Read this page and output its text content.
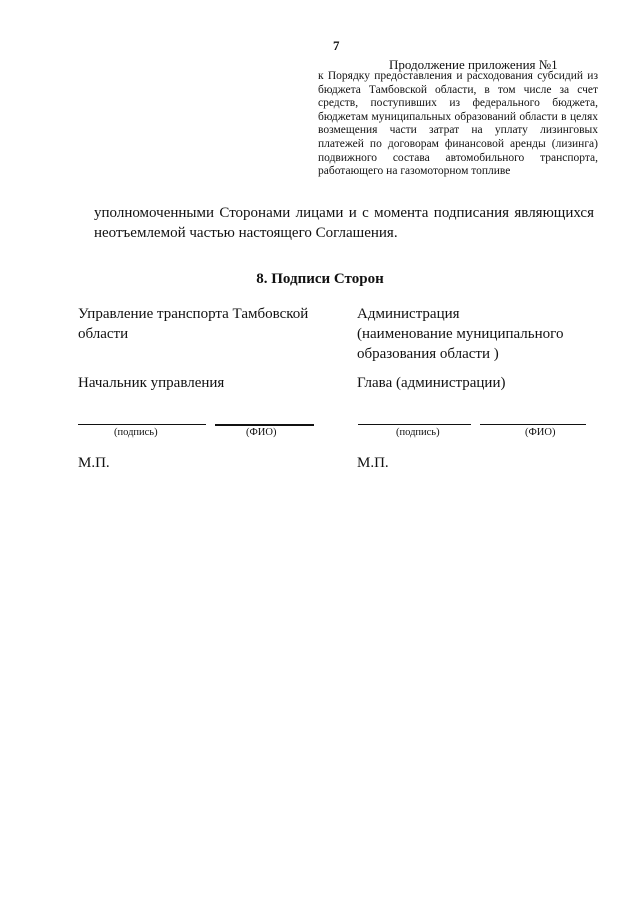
7
Продолжение приложения №1
к Порядку предоставления и расходования субсидий из бюджета Тамбовской области, в том числе за счет средств, поступивших из федерального бюджета, бюджетам муниципальных образований области в целях возмещения части затрат на уплату лизинговых платежей по договорам финансовой аренды (лизинга) подвижного состава автомобильного транспорта, работающего на газомоторном топливе
уполномоченными Сторонами лицами и с момента подписания являющихся неотъемлемой частью настоящего Соглашения.
8. Подписи Сторон
Управление транспорта Тамбовской области
Начальник управления
(подпись)	(ФИО)
М.П.
Администрация
(наименование муниципального образования области )
Глава (администрации)
(подпись)	(ФИО)
М.П.
